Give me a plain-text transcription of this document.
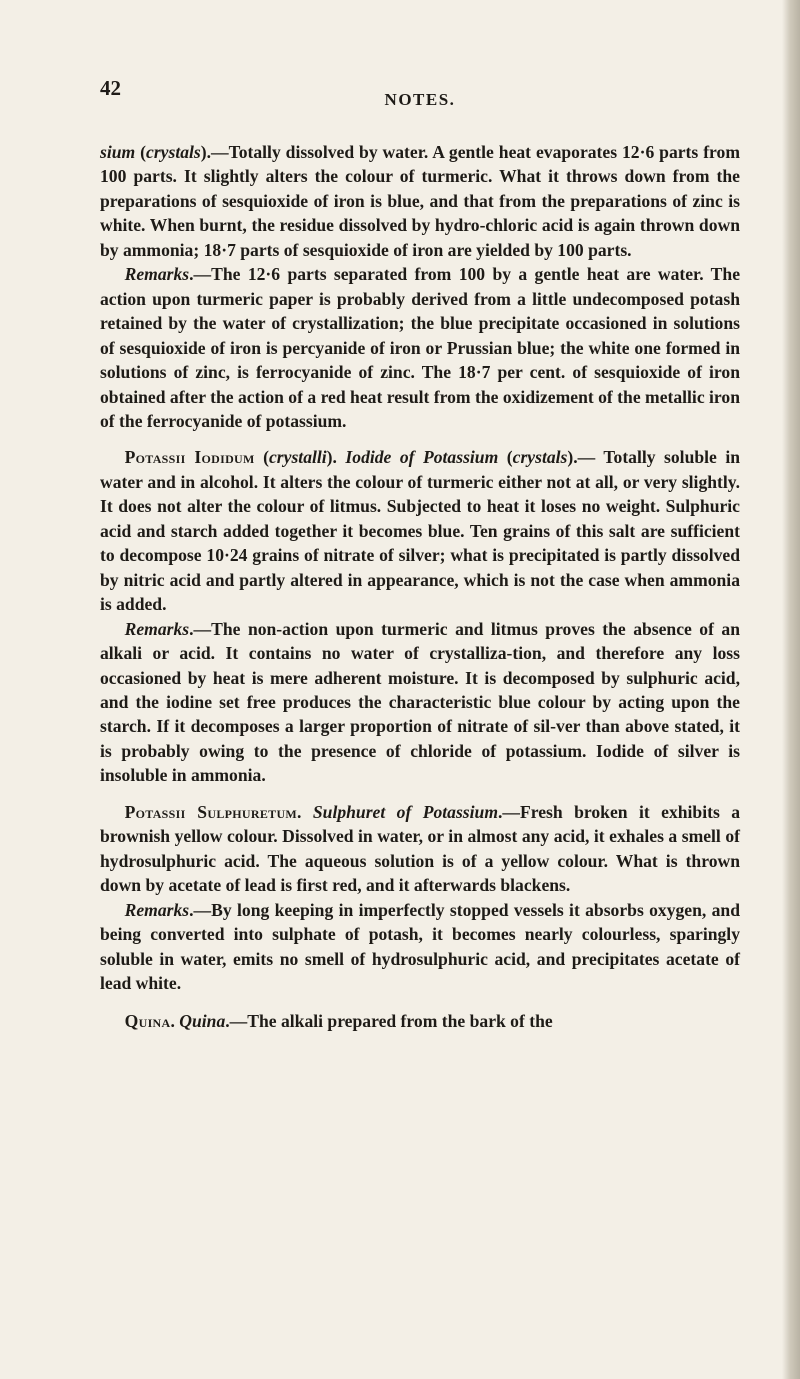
42	NOTES.

sium (crystals).—Totally dissolved by water. A gentle heat evaporates 12·6 parts from 100 parts. It slightly alters the colour of turmeric. What it throws down from the preparations of sesquioxide of iron is blue, and that from the preparations of zinc is white. When burnt, the residue dissolved by hydro-chloric acid is again thrown down by ammonia; 18·7 parts of sesquioxide of iron are yielded by 100 parts.

Remarks.—The 12·6 parts separated from 100 by a gentle heat are water. The action upon turmeric paper is probably derived from a little undecomposed potash retained by the water of crystallization; the blue precipitate occasioned in solutions of sesquioxide of iron is percyanide of iron or Prussian blue; the white one formed in solutions of zinc, is ferrocyanide of zinc. The 18·7 per cent. of sesquioxide of iron obtained after the action of a red heat result from the oxidizement of the metallic iron of the ferrocyanide of potassium.

Potassii Iodidum (crystalli). Iodide of Potassium (crystals).— Totally soluble in water and in alcohol. It alters the colour of turmeric either not at all, or very slightly. It does not alter the colour of litmus. Subjected to heat it loses no weight. Sulphuric acid and starch added together it becomes blue. Ten grains of this salt are sufficient to decompose 10·24 grains of nitrate of silver; what is precipitated is partly dissolved by nitric acid and partly altered in appearance, which is not the case when ammonia is added.

Remarks.—The non-action upon turmeric and litmus proves the absence of an alkali or acid. It contains no water of crystalliza-tion, and therefore any loss occasioned by heat is mere adherent moisture. It is decomposed by sulphuric acid, and the iodine set free produces the characteristic blue colour by acting upon the starch. If it decomposes a larger proportion of nitrate of sil-ver than above stated, it is probably owing to the presence of chloride of potassium. Iodide of silver is insoluble in ammonia.

Potassii Sulphuretum. Sulphuret of Potassium.—Fresh broken it exhibits a brownish yellow colour. Dissolved in water, or in almost any acid, it exhales a smell of hydrosulphuric acid. The aqueous solution is of a yellow colour. What is thrown down by acetate of lead is first red, and it afterwards blackens.

Remarks.—By long keeping in imperfectly stopped vessels it absorbs oxygen, and being converted into sulphate of potash, it becomes nearly colourless, sparingly soluble in water, emits no smell of hydrosulphuric acid, and precipitates acetate of lead white.

Quina. Quina.—The alkali prepared from the bark of the
